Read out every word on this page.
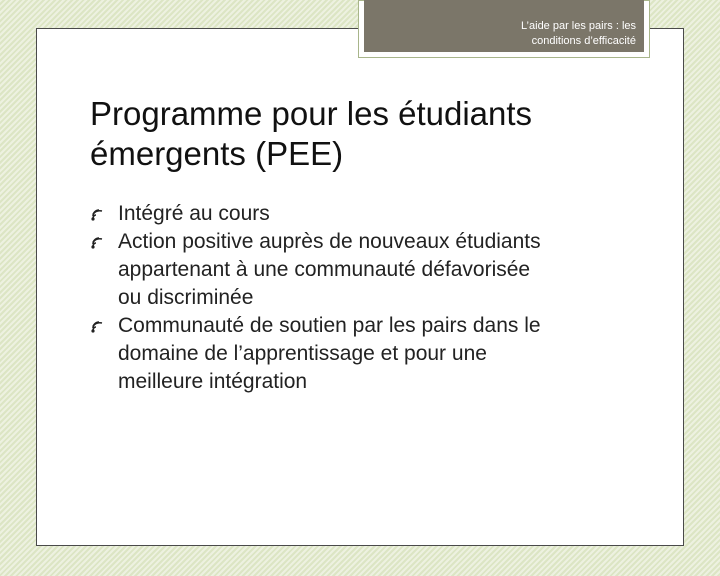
L’aide par les pairs : les
conditions d’efficacité
Programme pour les étudiants
émergents (PEE)
Intégré au cours
Action positive auprès de nouveaux étudiants
appartenant à une communauté défavorisée
ou discriminée
Communauté de soutien par les pairs dans le
domaine de l’apprentissage et pour une
meilleure intégration
